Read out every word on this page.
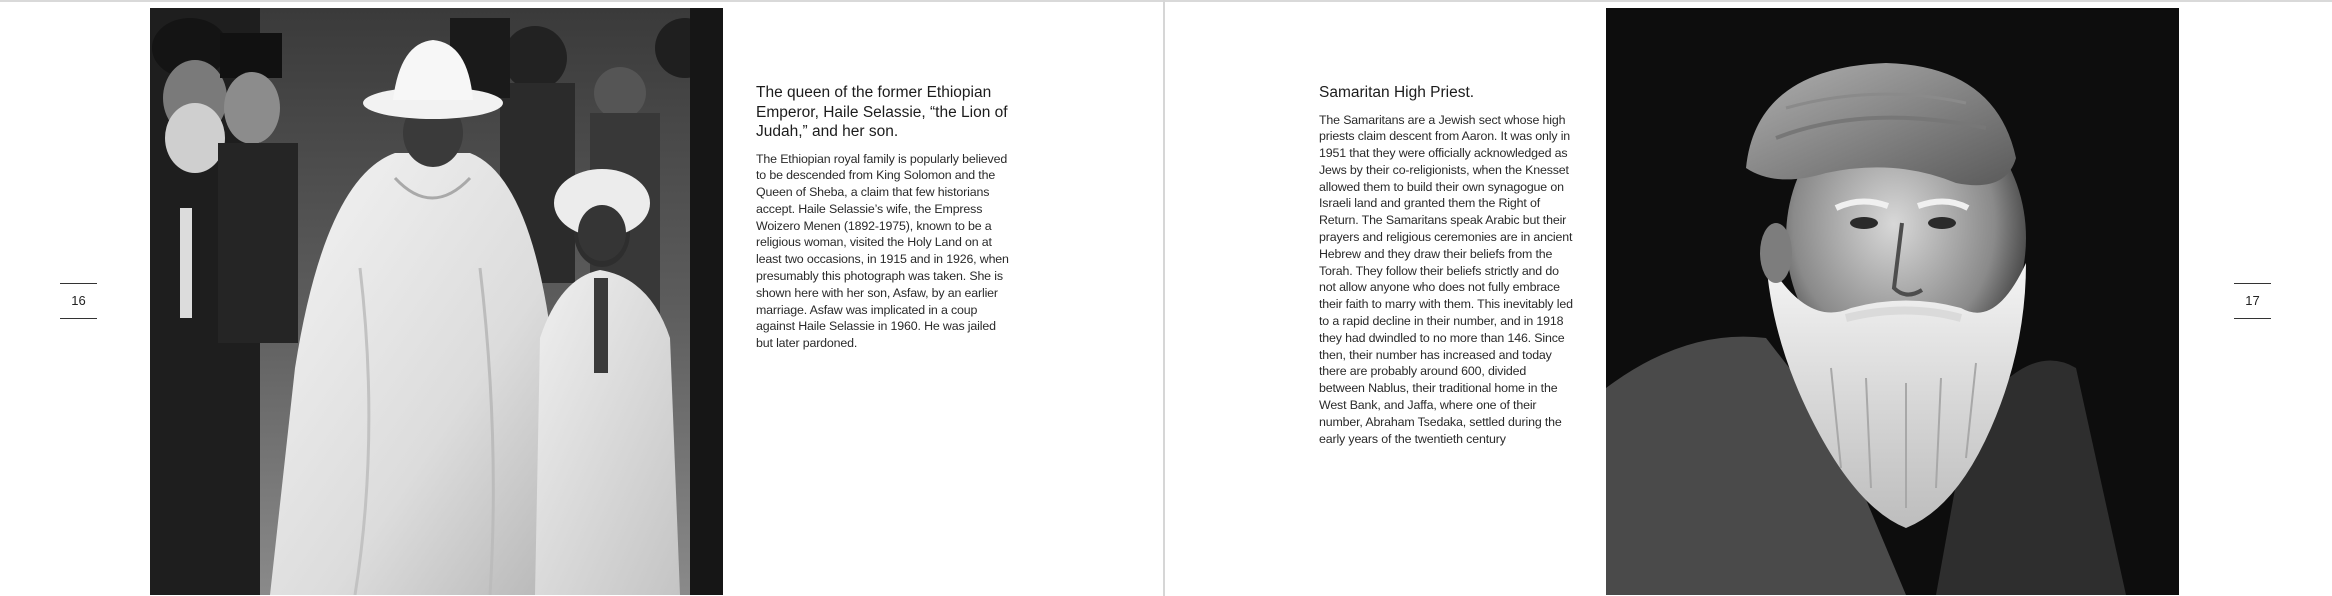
16
The queen of the former Ethiopian Emperor, Haile Selassie, “the Lion of Judah,” and her son.

The Ethiopian royal family is popularly believed to be descended from King Solomon and the Queen of Sheba, a claim that few historians accept. Haile Selassie’s wife, the Empress Woizero Menen (1892-1975), known to be a religious woman, visited the Holy Land on at least two occasions, in 1915 and in 1926, when presumably this photograph was taken. She is shown here with her son, Asfaw, by an earlier marriage. Asfaw was implicated in a coup against Haile Selassie in 1960. He was jailed but later pardoned.

Samaritan High Priest.

The Samaritans are a Jewish sect whose high priests claim descent from Aaron. It was only in 1951 that they were officially acknowledged as Jews by their co-religionists, when the Knesset allowed them to build their own synagogue on Israeli land and granted them the Right of Return. The Samaritans speak Arabic but their prayers and religious ceremonies are in ancient Hebrew and they draw their beliefs from the Torah. They follow their beliefs strictly and do not allow anyone who does not fully embrace their faith to marry with them. This inevitably led to a rapid decline in their number, and in 1918 they had dwindled to no more than 146. Since then, their number has increased and today there are probably around 600, divided between Nablus, their traditional home in the West Bank, and Jaffa, where one of their number, Abraham Tsedaka, settled during the early years of the twentieth century

17
